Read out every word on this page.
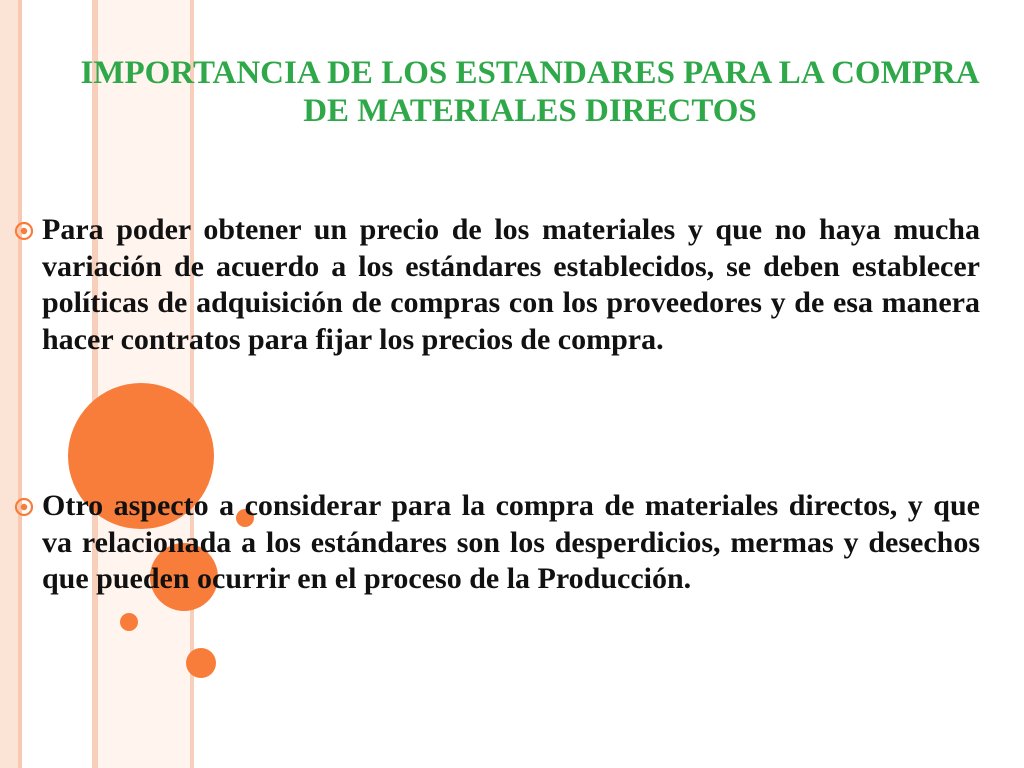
IMPORTANCIA DE LOS ESTANDARES PARA LA COMPRA DE MATERIALES DIRECTOS
Para poder obtener un precio de los materiales y que no haya mucha variación de acuerdo a los estándares establecidos, se deben establecer políticas de adquisición de compras con los proveedores y de esa manera hacer contratos para fijar los precios de compra.
Otro aspecto a considerar para la compra de materiales directos, y que va relacionada a los estándares son los desperdicios, mermas y desechos que pueden ocurrir en el proceso de la Producción.
